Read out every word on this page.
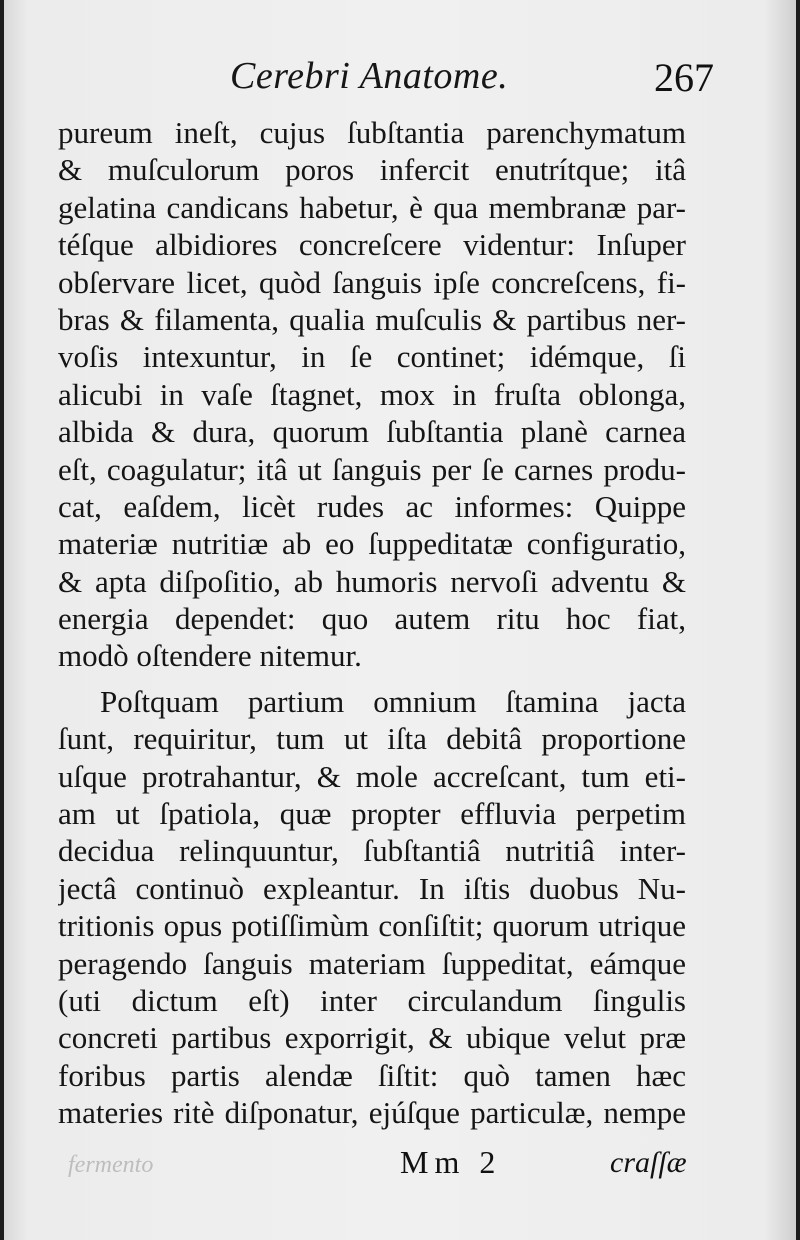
Cerebri Anatome.	267

pureum ineſt, cujus ſubſtantia parenchymatum
& muſculorum poros infercit enutrítque; itâ
gelatina candicans habetur, è qua membranæ par-
téſque albidiores concreſcere videntur: Inſuper
obſervare licet, quòd ſanguis ipſe concreſcens, fi-
bras & filamenta, qualia muſculis & partibus ner-
voſis intexuntur, in ſe continet; idémque, ſi
alicubi in vaſe ſtagnet, mox in fruſta oblonga,
albida & dura, quorum ſubſtantia planè carnea
eſt, coagulatur; itâ ut ſanguis per ſe carnes produ-
cat, eaſdem, licèt rudes ac informes: Quippe
materiæ nutritiæ ab eo ſuppeditatæ configuratio,
& apta diſpoſitio, ab humoris nervoſi adventu &
energia dependet: quo autem ritu hoc fiat,
modò oſtendere nitemur.
Poſtquam partium omnium ſtamina jacta
ſunt, requiritur, tum ut iſta debitâ proportione
uſque protrahantur, & mole accreſcant, tum eti-
am ut ſpatiola, quæ propter effluvia perpetim
decidua relinquuntur, ſubſtantiâ nutritiâ inter-
jectâ continuò expleantur. In iſtis duobus Nu-
tritionis opus potiſſimùm conſiſtit; quorum utrique
peragendo ſanguis materiam ſuppeditat, eámque
(uti dictum eſt) inter circulandum ſingulis
concreti partibus exporrigit, & ubique velut præ
foribus partis alendæ ſiſtit: quò tamen hæc
materies ritè diſponatur, ejúſque particulæ, nempe
fermento	Mm 2	craſſæ
